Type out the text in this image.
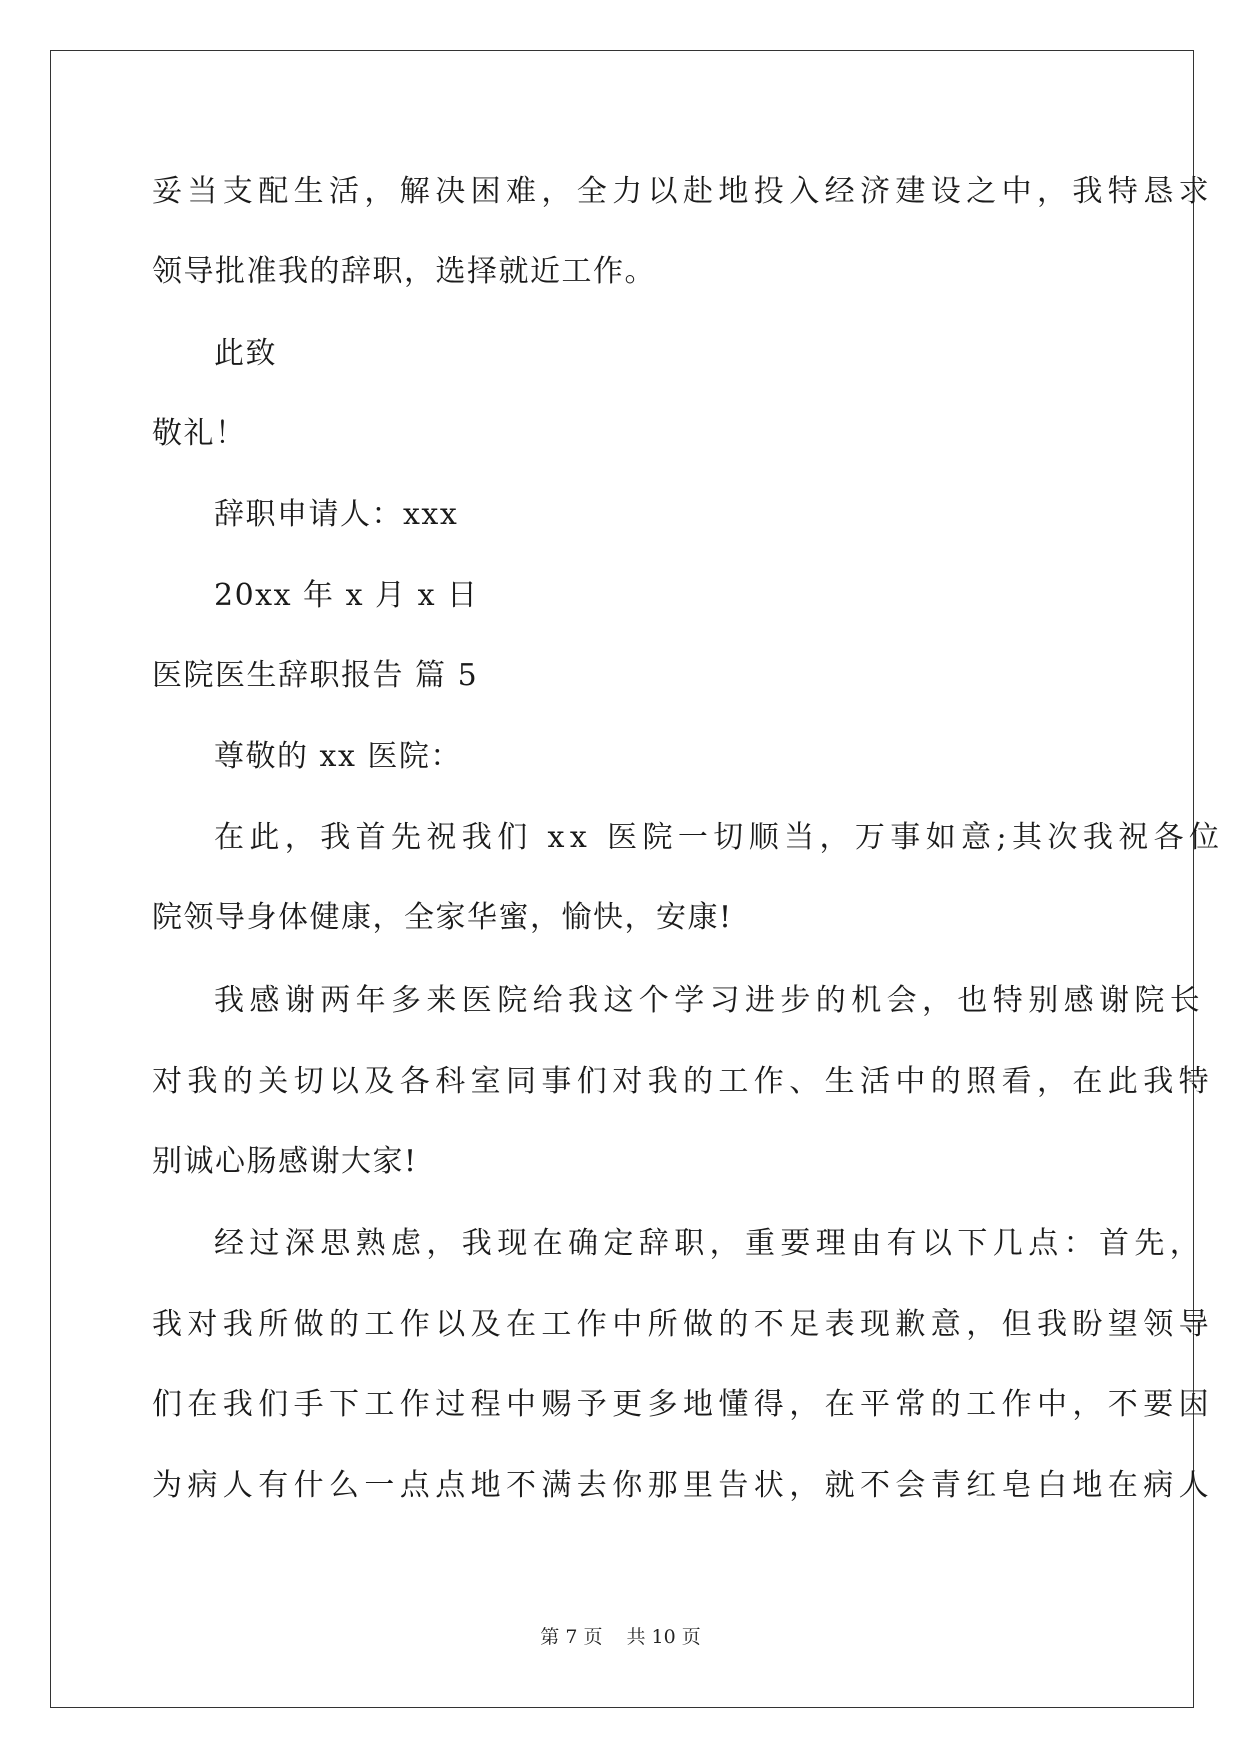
妥当支配生活，解决困难，全力以赴地投入经济建设之中，我特恳求
领导批准我的辞职，选择就近工作。
此致
敬礼！
辞职申请人：xxx
20xx 年 x 月 x 日
医院医生辞职报告 篇 5
尊敬的 xx 医院：
在此，我首先祝我们 xx 医院一切顺当，万事如意;其次我祝各位
院领导身体健康，全家华蜜，愉快，安康!
我感谢两年多来医院给我这个学习进步的机会，也特别感谢院长
对我的关切以及各科室同事们对我的工作、生活中的照看，在此我特
别诚心肠感谢大家!
经过深思熟虑，我现在确定辞职，重要理由有以下几点：首先，
我对我所做的工作以及在工作中所做的不足表现歉意，但我盼望领导
们在我们手下工作过程中赐予更多地懂得，在平常的工作中，不要因
为病人有什么一点点地不满去你那里告状，就不会青红皂白地在病人
第 7 页 共 10 页
